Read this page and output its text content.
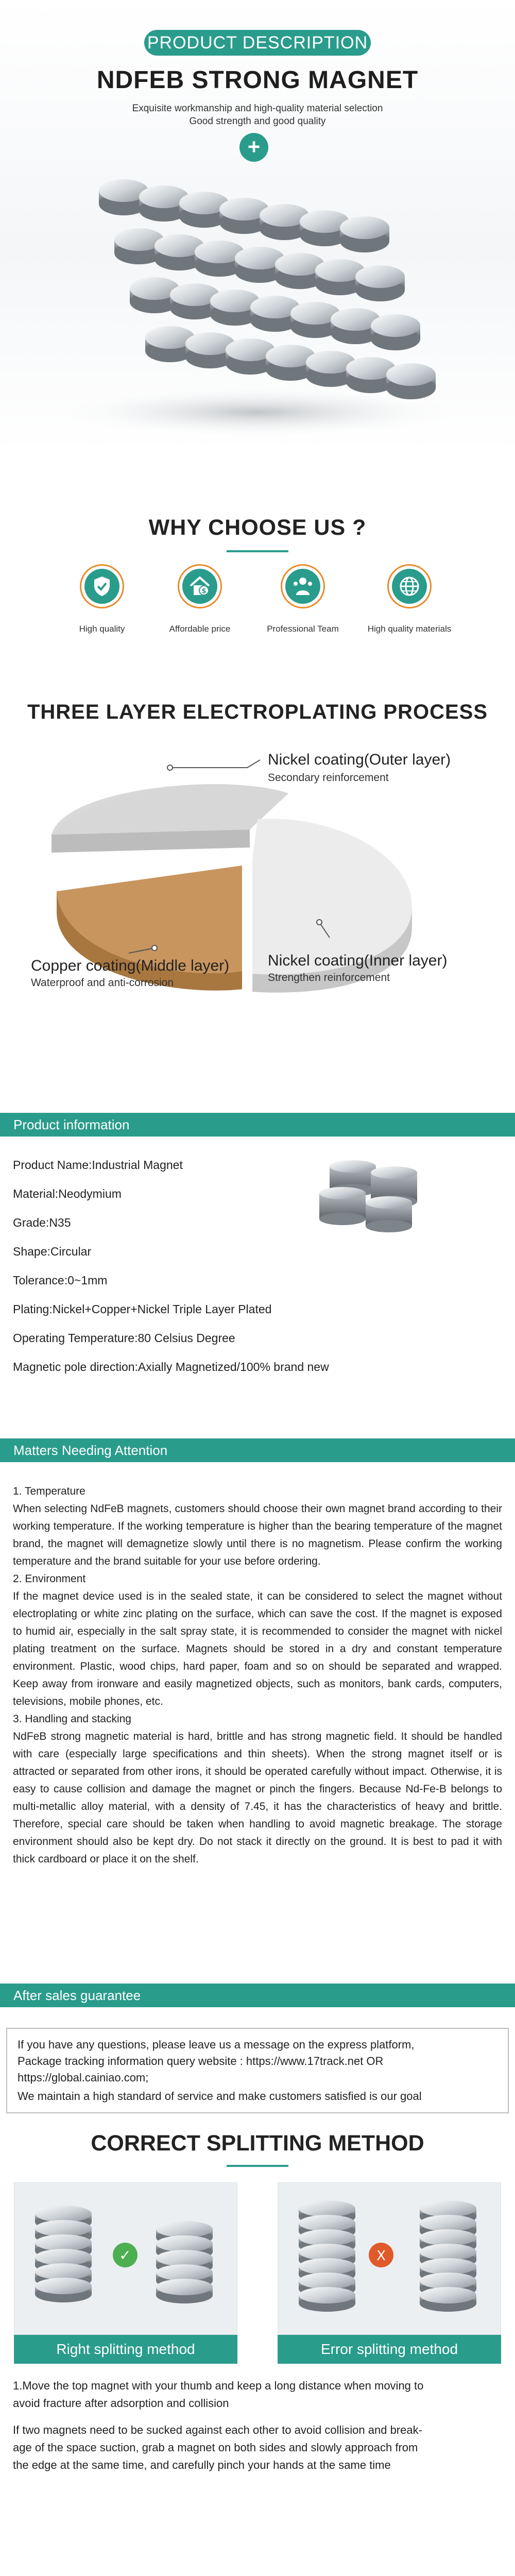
PRODUCT DESCRIPTION
NDFEB STRONG MAGNET
Exquisite workmanship and high-quality material selection
Good strength and good quality
+
WHY CHOOSE US ?
High quality
$
Affordable price	Professional Team	High quality materials
THREE LAYER ELECTROPLATING PROCESS
Nickel coating(Outer layer)
Secondary reinforcement
Copper coating(Middle layer)
Waterproof and anti-corrosion
Nickel coating(Inner layer)
Strengthen reinforcement
Product information
Product Name:Industrial Magnet
Material:Neodymium
Grade:N35
Shape:Circular
Tolerance:0~1mm
Plating:Nickel+Copper+Nickel Triple Layer Plated
Operating Temperature:80 Celsius Degree
Magnetic pole direction:Axially Magnetized/100% brand new
Matters Needing Attention

1. Temperature

When selecting NdFeB magnets, customers should choose their own magnet brand according to their working temperature. If the working temperature is higher than the bearing temperature of the magnet brand, the magnet will demagnetize slowly until there is no magnetism. Please confirm the working temperature and the brand suitable for your use before ordering.

2. Environment

If the magnet device used is in the sealed state, it can be considered to select the magnet without electroplating or white zinc plating on the surface, which can save the cost. If the magnet is exposed to humid air, especially in the salt spray state, it is recommended to consider the magnet with nickel plating treatment on the surface. Magnets should be stored in a dry and constant temperature environment. Plastic, wood chips, hard paper, foam and so on should be separated and wrapped. Keep away from ironware and easily magnetized objects, such as monitors, bank cards, computers, televisions, mobile phones, etc.

3. Handling and stacking

NdFeB strong magnetic material is hard, brittle and has strong magnetic field. It should be handled with care (especially large specifications and thin sheets). When the strong magnet itself or is attracted or separated from other irons, it should be operated carefully without impact. Otherwise, it is easy to cause collision and damage the magnet or pinch the fingers. Because Nd-Fe-B belongs to multi-metallic alloy material, with a density of 7.45, it has the characteristics of heavy and brittle. Therefore, special care should be taken when handling to avoid magnetic breakage. The storage environment should also be kept dry. Do not stack it directly on the ground. It is best to pad it with thick cardboard or place it on the shelf.

After sales guarantee

If you have any questions, please leave us a message on the express platform,

Package tracking information query website : https://www.17track.net OR

https://global.cainiao.com;

We maintain a high standard of service and make customers satisfied is our goal

CORRECT SPLITTING METHOD
✓
Right splitting method
X
Error splitting method
1.Move the top magnet with your thumb and keep a long distance when moving to
avoid fracture after adsorption and collision
If two magnets need to be sucked against each other to avoid collision and break-
age of the space suction, grab a magnet on both sides and slowly approach from
the edge at the same time, and carefully pinch your hands at the same time
